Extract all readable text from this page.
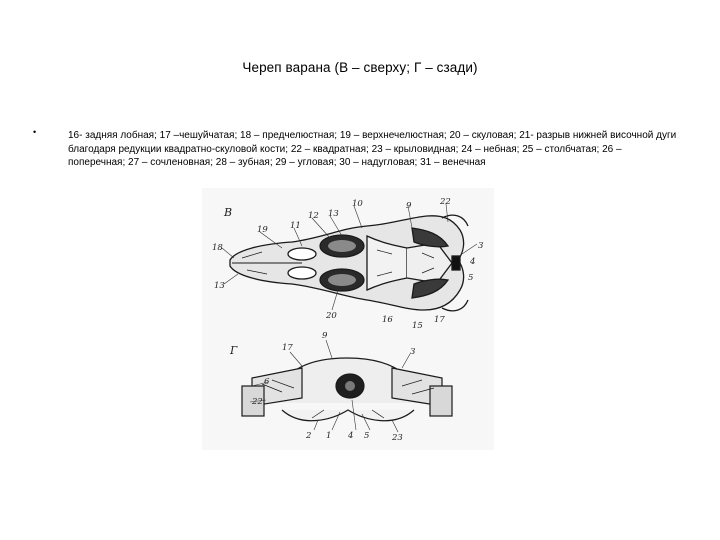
Череп варана (В – сверху; Г – сзади)
•	16- задняя лобная; 17 –чешуйчатая; 18 – предчелюстная; 19 – верхнечелюстная; 20 – скуловая; 21- разрыв нижней височной дуги благодаря редукции квадратно-скуловой кости; 22 – квадратная; 23 – крыловидная; 24 – небная; 25 – столбчатая; 26 – поперечная; 27 – сочленовная; 28 – зубная; 29 – угловая; 30 – надугловая; 31 – венечная
В
18
19	11
12 13
10	9	22
3
4
5
13
20	16	17
15
Г	17
9
3
6
22
2 1 4 5	23
